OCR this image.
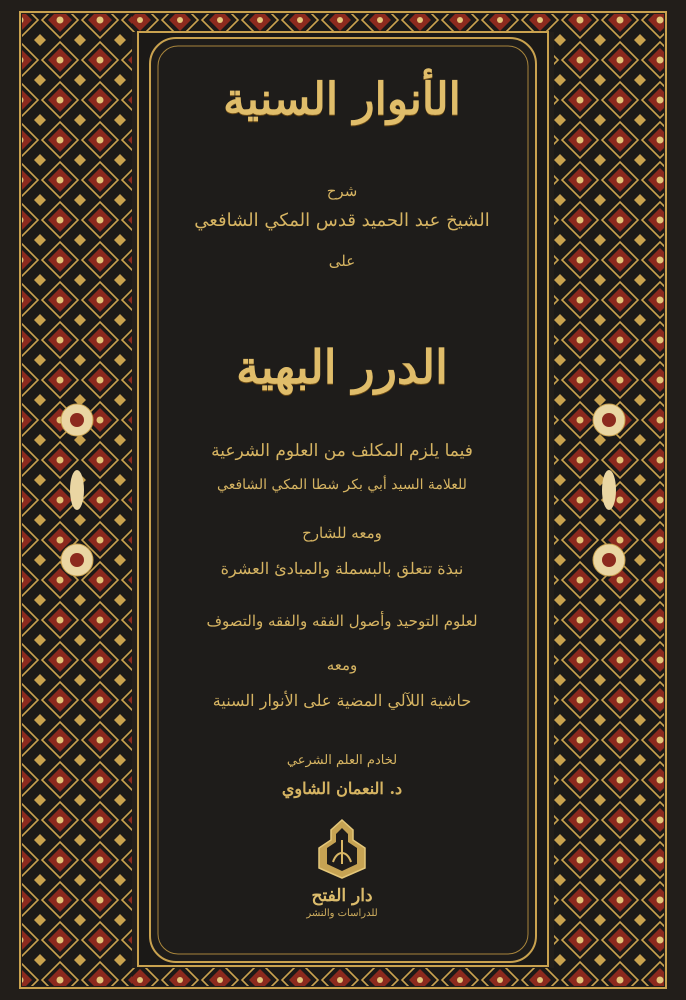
الأنوار السنية
شرح
الشيخ عبد الحميد قدس المكي الشافعي
على
الدرر البهية
فيما يلزم المكلف من العلوم الشرعية
للعلامة السيد أبي بكر شطا المكي الشافعي
ومعه للشارح
نبذة تتعلق بالبسملة والمبادئ العشرة
لعلوم التوحيد وأصول الفقه والفقه والتصوف
ومعه
حاشية اللآلي المضية على الأنوار السنية
لخادم العلم الشرعي
د. النعمان الشاوي
دار الفتح
للدراسات والنشر
